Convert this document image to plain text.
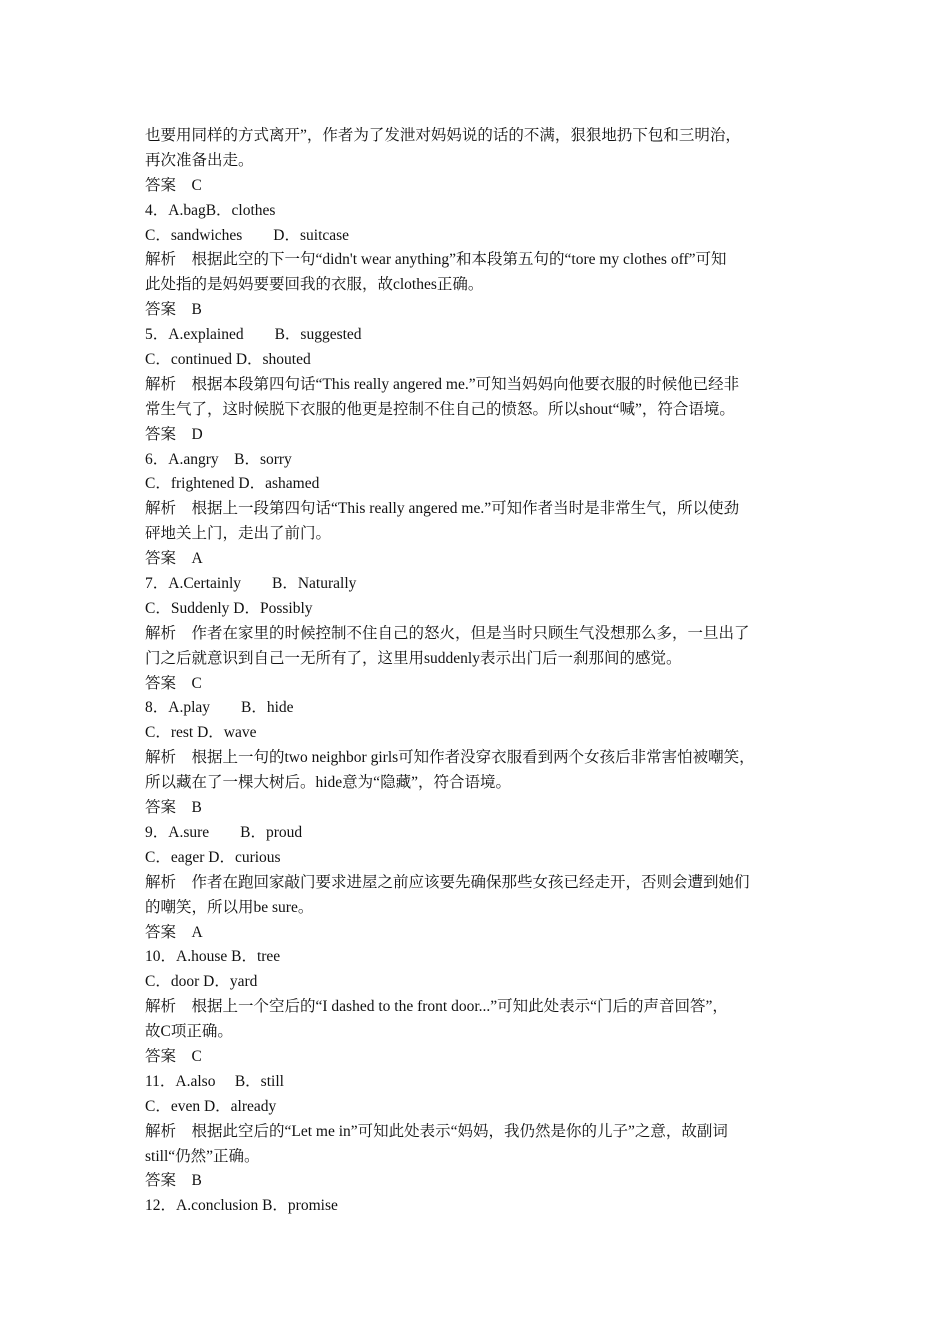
也要用同样的方式离开”，作者为了发泄对妈妈说的话的不满，狠狠地扔下包和三明治，
再次准备出走。
答案　C
4．A.bagB．clothes
C．sandwiches　　D．suitcase
解析　根据此空的下一句“didn't wear anything”和本段第五句的“tore my clothes off”可知
此处指的是妈妈要要回我的衣服，故clothes正确。
答案　B
5．A.explained　　B．suggested
C．continued D．shouted
解析　根据本段第四句话“This really angered me.”可知当妈妈向他要衣服的时候他已经非
常生气了，这时候脱下衣服的他更是控制不住自己的愤怒。所以shout“喊”，符合语境。
答案　D
6．A.angry　B．sorry
C．frightened D．ashamed
解析　根据上一段第四句话“This really angered me.”可知作者当时是非常生气，所以使劲
砰地关上门，走出了前门。
答案　A
7．A.Certainly　　B．Naturally
C．Suddenly D．Possibly
解析　作者在家里的时候控制不住自己的怒火，但是当时只顾生气没想那么多，一旦出了
门之后就意识到自己一无所有了，这里用suddenly表示出门后一刹那间的感觉。
答案　C
8．A.play　　B．hide
C．rest D．wave
解析　根据上一句的two neighbor girls可知作者没穿衣服看到两个女孩后非常害怕被嘲笑，
所以藏在了一棵大树后。hide意为“隐藏”，符合语境。
答案　B
9．A.sure　　B．proud
C．eager D．curious
解析　作者在跑回家敲门要求进屋之前应该要先确保那些女孩已经走开，否则会遭到她们
的嘲笑，所以用be sure。
答案　A
10．A.house B．tree
C．door D．yard
解析　根据上一个空后的“I dashed to the front door...”可知此处表示“门后的声音回答”，
故C项正确。
答案　C
11．A.also　 B．still
C．even D．already
解析　根据此空后的“Let me in”可知此处表示“妈妈，我仍然是你的儿子”之意，故副词
still“仍然”正确。
答案　B
12．A.conclusion B．promise
